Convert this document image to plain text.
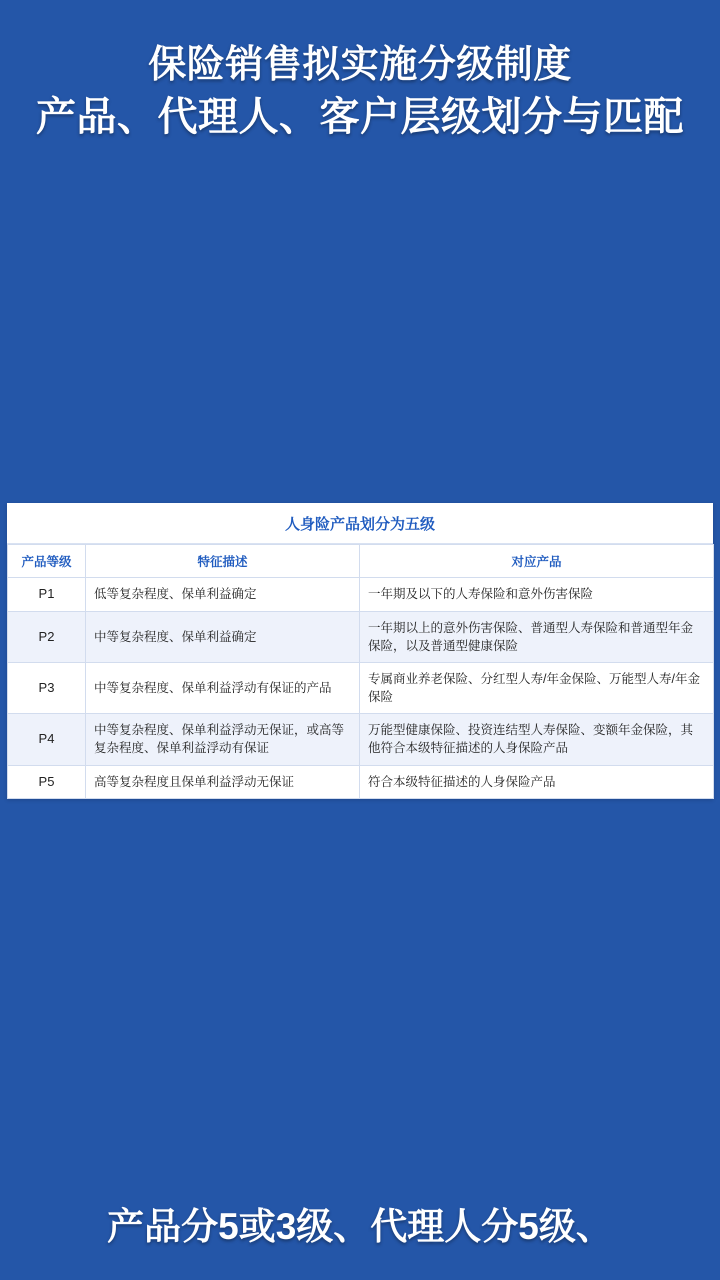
保险销售拟实施分级制度
产品、代理人、客户层级划分与匹配
人身险产品划分为五级
产品等级	特征描述	对应产品
P1	低等复杂程度、保单利益确定	一年期及以下的人寿保险和意外伤害保险
P2	中等复杂程度、保单利益确定	一年期以上的意外伤害保险、普通型人寿保险和普通型年金保险，以及普通型健康保险
P3	中等复杂程度、保单利益浮动有保证的产品	专属商业养老保险、分红型人寿/年金保险、万能型人寿/年金保险
P4	中等复杂程度、保单利益浮动无保证，或高等复杂程度、保单利益浮动有保证	万能型健康保险、投资连结型人寿保险、变额年金保险，其他符合本级特征描述的人身保险产品
P5	高等复杂程度且保单利益浮动无保证	符合本级特征描述的人身保险产品
产品分5或3级、代理人分5级、
